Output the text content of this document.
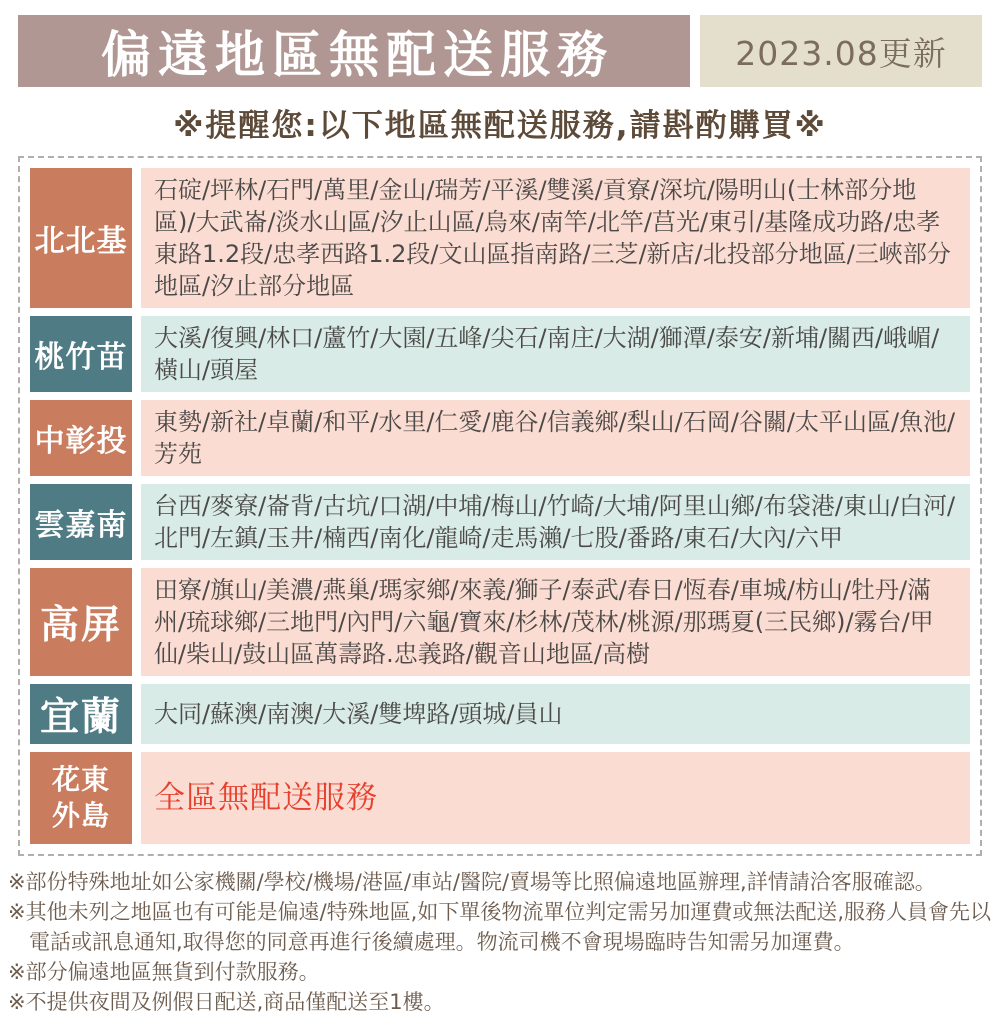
偏遠地區無配送服務	2023.08更新
※提醒您:以下地區無配送服務,請斟酌購買※
北北基
石碇/坪林/石門/萬里/金山/瑞芳/平溪/雙溪/貢寮/深坑/陽明山(士林部分地區)/大武崙/淡水山區/汐止山區/烏來/南竿/北竿/莒光/東引/基隆成功路/忠孝東路1.2段/忠孝西路1.2段/文山區指南路/三芝/新店/北投部分地區/三峽部分地區/汐止部分地區
桃竹苗
大溪/復興/林口/蘆竹/大園/五峰/尖石/南庄/大湖/獅潭/泰安/新埔/關西/峨嵋/橫山/頭屋
中彰投
東勢/新社/卓蘭/和平/水里/仁愛/鹿谷/信義鄉/梨山/石岡/谷關/太平山區/魚池/芳苑
雲嘉南
台西/麥寮/崙背/古坑/口湖/中埔/梅山/竹崎/大埔/阿里山鄉/布袋港/東山/白河/北門/左鎮/玉井/楠西/南化/龍崎/走馬瀨/七股/番路/東石/大內/六甲
高屏
田寮/旗山/美濃/燕巢/瑪家鄉/來義/獅子/泰武/春日/恆春/車城/枋山/牡丹/滿州/琉球鄉/三地門/內門/六龜/寶來/杉林/茂林/桃源/那瑪夏(三民鄉)/霧台/甲仙/柴山/鼓山區萬壽路.忠義路/觀音山地區/高樹
宜蘭	大同/蘇澳/南澳/大溪/雙埤路/頭城/員山
花東
外島 全區無配送服務

※部份特殊地址如公家機關/學校/機場/港區/車站/醫院/賣場等比照偏遠地區辦理,詳情請洽客服確認。

※其他未列之地區也有可能是偏遠/特殊地區,如下單後物流單位判定需另加運費或無法配送,服務人員會先以電話或訊息通知,取得您的同意再進行後續處理。物流司機不會現場臨時告知需另加運費。

※部分偏遠地區無貨到付款服務。

※不提供夜間及例假日配送,商品僅配送至1樓。
